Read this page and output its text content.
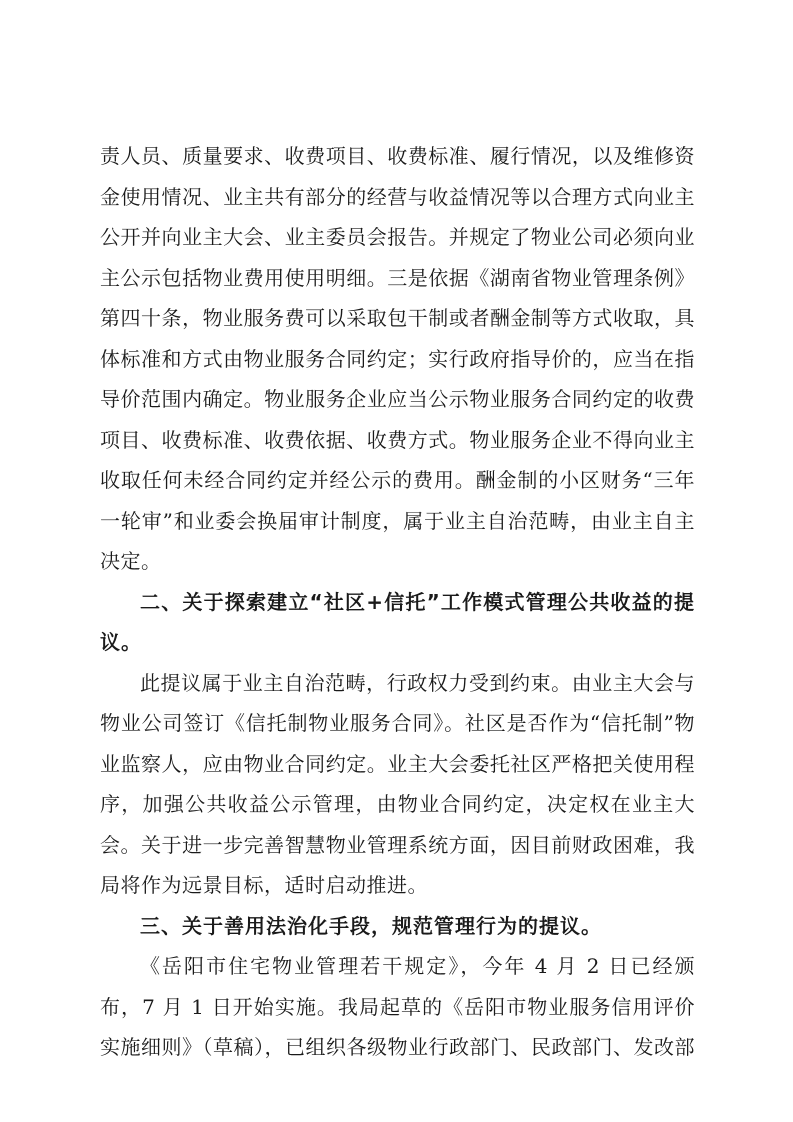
责人员、质量要求、收费项目、收费标准、履行情况，以及维修资金使用情况、业主共有部分的经营与收益情况等以合理方式向业主公开并向业主大会、业主委员会报告。并规定了物业公司必须向业主公示包括物业费用使用明细。三是依据《湖南省物业管理条例》第四十条，物业服务费可以采取包干制或者酬金制等方式收取，具体标准和方式由物业服务合同约定；实行政府指导价的，应当在指导价范围内确定。物业服务企业应当公示物业服务合同约定的收费项目、收费标准、收费依据、收费方式。物业服务企业不得向业主收取任何未经合同约定并经公示的费用。酬金制的小区财务“三年一轮审”和业委会换届审计制度，属于业主自治范畴，由业主自主决定。

二、关于探索建立“社区+信托”工作模式管理公共收益的提议。

此提议属于业主自治范畴，行政权力受到约束。由业主大会与物业公司签订《信托制物业服务合同》。社区是否作为“信托制”物业监察人，应由物业合同约定。业主大会委托社区严格把关使用程序，加强公共收益公示管理，由物业合同约定，决定权在业主大会。关于进一步完善智慧物业管理系统方面，因目前财政困难，我局将作为远景目标，适时启动推进。

三、关于善用法治化手段，规范管理行为的提议。

《岳阳市住宅物业管理若干规定》，今年 4 月 2 日已经颁布，7 月 1 日开始实施。我局起草的《岳阳市物业服务信用评价实施细则》（草稿），已组织各级物业行政部门、民政部门、发改部
